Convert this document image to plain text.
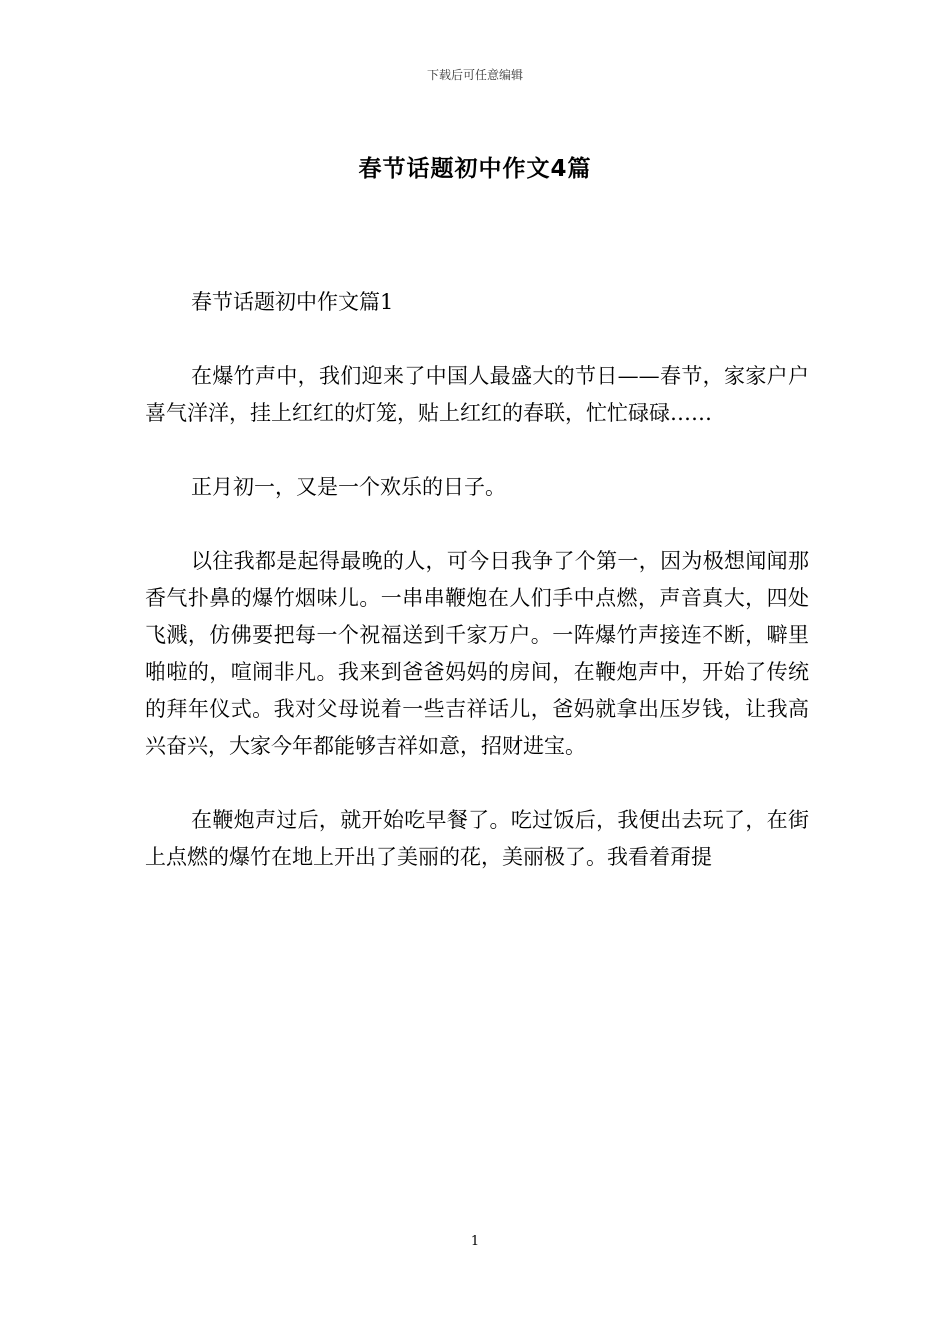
下载后可任意编辑
春节话题初中作文4篇

春节话题初中作文篇1

在爆竹声中，我们迎来了中国人最盛大的节日——春节，家家户户喜气洋洋，挂上红红的灯笼，贴上红红的春联，忙忙碌碌……

正月初一，又是一个欢乐的日子。

以往我都是起得最晚的人，可今日我争了个第一，因为极想闻闻那香气扑鼻的爆竹烟味儿。一串串鞭炮在人们手中点燃，声音真大，四处飞溅，仿佛要把每一个祝福送到千家万户。一阵爆竹声接连不断，噼里啪啦的，喧闹非凡。我来到爸爸妈妈的房间，在鞭炮声中，开始了传统的拜年仪式。我对父母说着一些吉祥话儿，爸妈就拿出压岁钱，让我高兴奋兴，大家今年都能够吉祥如意，招财进宝。

在鞭炮声过后，就开始吃早餐了。吃过饭后，我便出去玩了，在街上点燃的爆竹在地上开出了美丽的花，美丽极了。我看着甭提

1
